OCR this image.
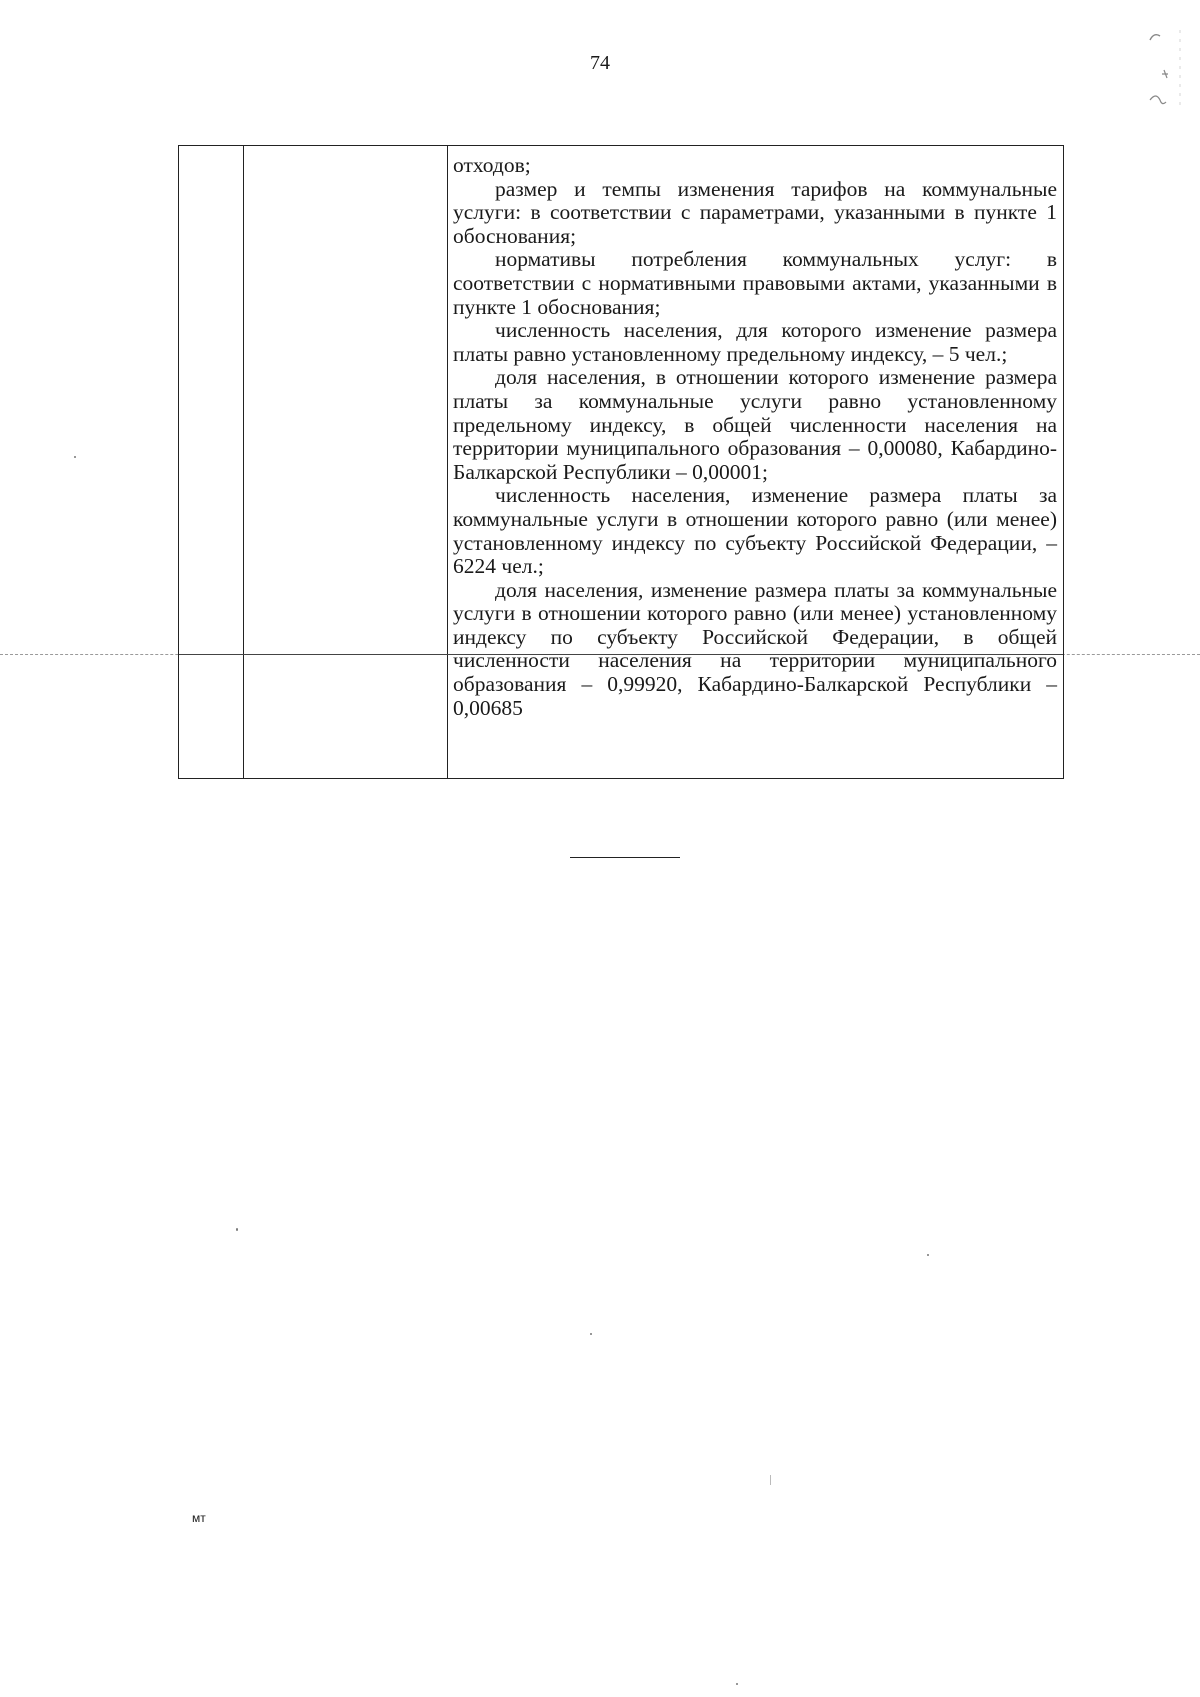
74

отходов;

размер и темпы изменения тарифов на коммунальные услуги: в соответствии с параметрами, указанными в пункте 1 обоснования;

нормативы потребления коммунальных услуг: в соответствии с нормативными правовыми актами, указанными в пункте 1 обоснования;

численность населения, для которого изменение размера платы равно установленному предельному индексу, – 5 чел.;

доля населения, в отношении которого изменение размера платы за коммунальные услуги равно установленному предельному индексу, в общей численности населения на территории муниципального образования – 0,00080, Кабардино-Балкарской Республики – 0,00001;

численность населения, изменение размера платы за коммунальные услуги в отношении которого равно (или менее) установленному индексу по субъекту Российской Федерации, – 6224 чел.;

доля населения, изменение размера платы за коммунальные услуги в отношении которого равно (или менее) установленному индексу по субъекту Российской Федерации, в общей численности населения на территории муниципального образования – 0,99920, Кабардино-Балкарской Республики – 0,00685

мт
